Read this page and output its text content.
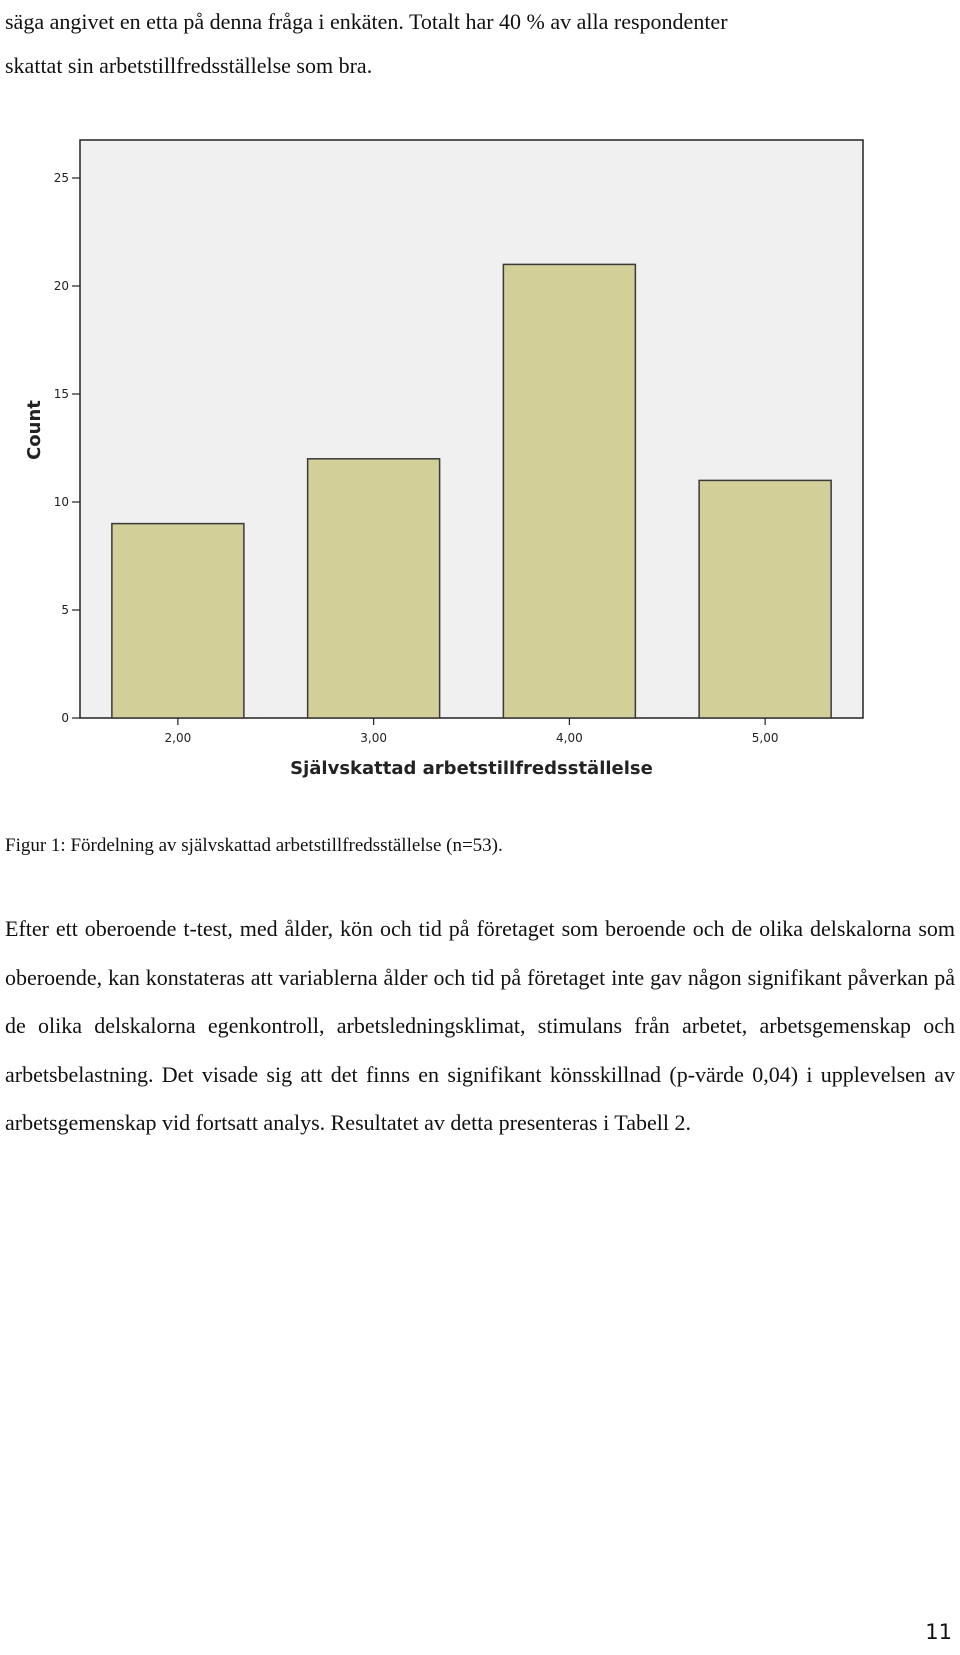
säga angivet en etta på denna fråga i enkäten. Totalt har 40 % av alla respondenter
skattat sin arbetstillfredsställelse som bra.

0
5
10
15
20
25
2,00	3,00	4,00	5,00
Självskattad arbetstillfredsställelse
Count

Figur 1: Fördelning av självskattad arbetstillfredsställelse (n=53).

Efter ett oberoende t-test, med ålder, kön och tid på företaget som beroende och de olika delskalorna som oberoende, kan konstateras att variablerna ålder och tid på företaget inte gav någon signifikant påverkan på de olika delskalorna egenkontroll, arbetsledningsklimat, stimulans från arbetet, arbetsgemenskap och arbetsbelastning. Det visade sig att det finns en signifikant könsskillnad (p-värde 0,04) i upplevelsen av arbetsgemenskap vid fortsatt analys. Resultatet av detta presenteras i Tabell 2.

11
